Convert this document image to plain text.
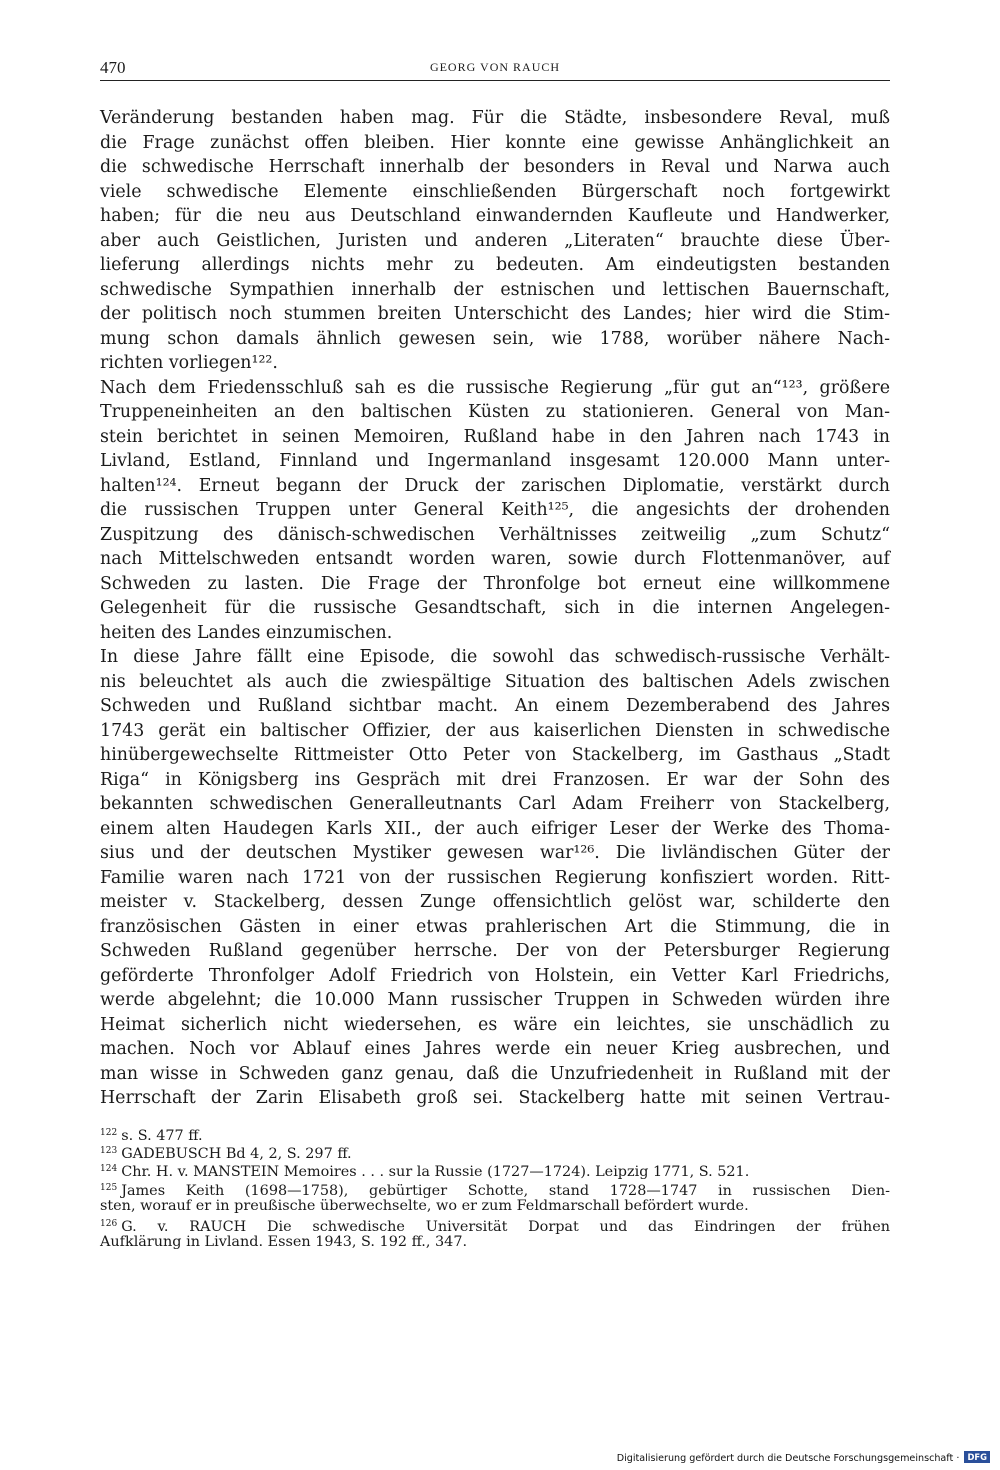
470	GEORG VON RAUCH
Veränderung bestanden haben mag. Für die Städte, insbesondere Reval, muß
die Frage zunächst offen bleiben. Hier konnte eine gewisse Anhänglichkeit an
die schwedische Herrschaft innerhalb der besonders in Reval und Narwa auch
viele schwedische Elemente einschließenden Bürgerschaft noch fortgewirkt
haben; für die neu aus Deutschland einwandernden Kaufleute und Handwerker,
aber auch Geistlichen, Juristen und anderen „Literaten“ brauchte diese Über-
lieferung allerdings nichts mehr zu bedeuten. Am eindeutigsten bestanden
schwedische Sympathien innerhalb der estnischen und lettischen Bauernschaft,
der politisch noch stummen breiten Unterschicht des Landes; hier wird die Stim-
mung schon damals ähnlich gewesen sein, wie 1788, worüber nähere Nach-
richten vorliegen¹²².
Nach dem Friedensschluß sah es die russische Regierung „für gut an“¹²³, größere
Truppeneinheiten an den baltischen Küsten zu stationieren. General von Man-
stein berichtet in seinen Memoiren, Rußland habe in den Jahren nach 1743 in
Livland, Estland, Finnland und Ingermanland insgesamt 120.000 Mann unter-
halten¹²⁴. Erneut begann der Druck der zarischen Diplomatie, verstärkt durch
die russischen Truppen unter General Keith¹²⁵, die angesichts der drohenden
Zuspitzung des dänisch-schwedischen Verhältnisses zeitweilig „zum Schutz“
nach Mittelschweden entsandt worden waren, sowie durch Flottenmanöver, auf
Schweden zu lasten. Die Frage der Thronfolge bot erneut eine willkommene
Gelegenheit für die russische Gesandtschaft, sich in die internen Angelegen-
heiten des Landes einzumischen.
In diese Jahre fällt eine Episode, die sowohl das schwedisch-russische Verhält-
nis beleuchtet als auch die zwiespältige Situation des baltischen Adels zwischen
Schweden und Rußland sichtbar macht. An einem Dezemberabend des Jahres
1743 gerät ein baltischer Offizier, der aus kaiserlichen Diensten in schwedische
hinübergewechselte Rittmeister Otto Peter von Stackelberg, im Gasthaus „Stadt
Riga“ in Königsberg ins Gespräch mit drei Franzosen. Er war der Sohn des
bekannten schwedischen Generalleutnants Carl Adam Freiherr von Stackelberg,
einem alten Haudegen Karls XII., der auch eifriger Leser der Werke des Thoma-
sius und der deutschen Mystiker gewesen war¹²⁶. Die livländischen Güter der
Familie waren nach 1721 von der russischen Regierung konfisziert worden. Ritt-
meister v. Stackelberg, dessen Zunge offensichtlich gelöst war, schilderte den
französischen Gästen in einer etwas prahlerischen Art die Stimmung, die in
Schweden Rußland gegenüber herrsche. Der von der Petersburger Regierung
geförderte Thronfolger Adolf Friedrich von Holstein, ein Vetter Karl Friedrichs,
werde abgelehnt; die 10.000 Mann russischer Truppen in Schweden würden ihre
Heimat sicherlich nicht wiedersehen, es wäre ein leichtes, sie unschädlich zu
machen. Noch vor Ablauf eines Jahres werde ein neuer Krieg ausbrechen, und
man wisse in Schweden ganz genau, daß die Unzufriedenheit in Rußland mit der
Herrschaft der Zarin Elisabeth groß sei. Stackelberg hatte mit seinen Vertrau-
$^{122}$ s. S. 477 ff.
$^{123}$ GADEBUSCH Bd 4, 2, S. 297 ff.
$^{124}$ Chr. H. v. MANSTEIN Memoires . . . sur la Russie (1727—1724). Leipzig 1771, S. 521.
$^{125}$ James Keith (1698—1758), gebürtiger Schotte, stand 1728—1747 in russischen Dien-
sten, worauf er in preußische überwechselte, wo er zum Feldmarschall befördert wurde.
$^{126}$ G. v. RAUCH Die schwedische Universität Dorpat und das Eindringen der frühen
Aufklärung in Livland. Essen 1943, S. 192 ff., 347.
Digitalisierung gefördert durch die Deutsche Forschungsgemeinschaft · DFG
